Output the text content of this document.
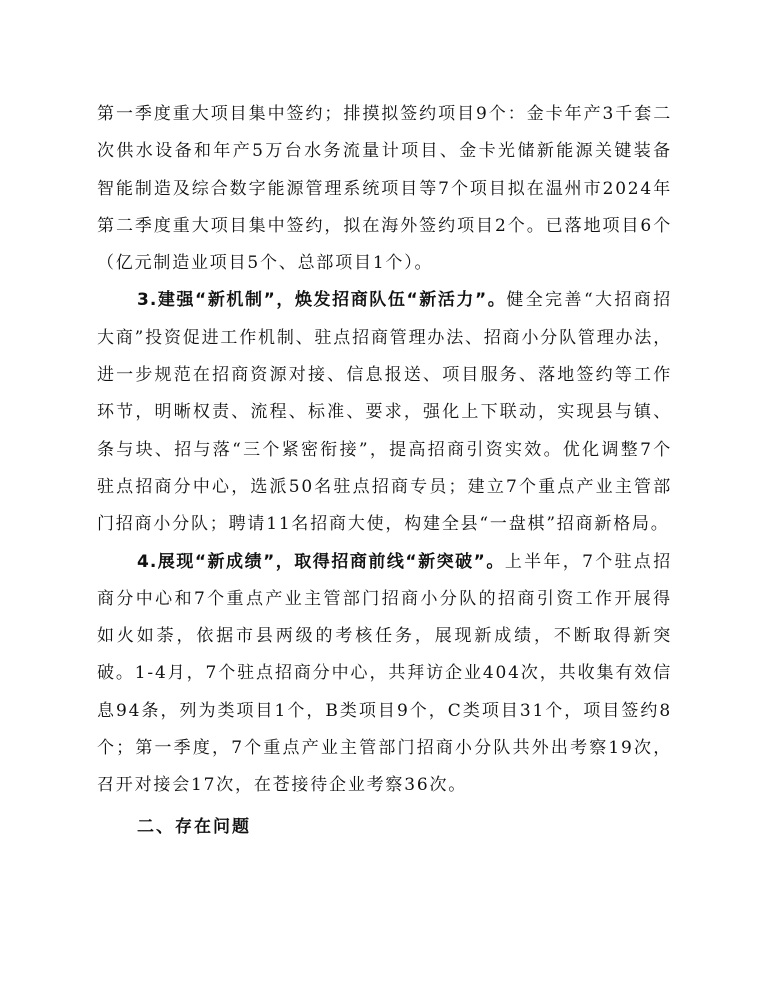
第一季度重大项目集中签约；排摸拟签约项目9个：金卡年产3千套二次供水设备和年产5万台水务流量计项目、金卡光储新能源关键装备智能制造及综合数字能源管理系统项目等7个项目拟在温州市2024年第二季度重大项目集中签约，拟在海外签约项目2个。已落地项目6个（亿元制造业项目5个、总部项目1个）。

3.建强“新机制”，焕发招商队伍“新活力”。健全完善“大招商招大商”投资促进工作机制、驻点招商管理办法、招商小分队管理办法，进一步规范在招商资源对接、信息报送、项目服务、落地签约等工作环节，明晰权责、流程、标准、要求，强化上下联动，实现县与镇、条与块、招与落“三个紧密衔接”，提高招商引资实效。优化调整7个驻点招商分中心，选派50名驻点招商专员；建立7个重点产业主管部门招商小分队；聘请11名招商大使，构建全县“一盘棋”招商新格局。

4.展现“新成绩”，取得招商前线“新突破”。上半年，7个驻点招商分中心和7个重点产业主管部门招商小分队的招商引资工作开展得如火如荼，依据市县两级的考核任务，展现新成绩，不断取得新突破。1-4月，7个驻点招商分中心，共拜访企业404次，共收集有效信息94条，列为类项目1个，B类项目9个，C类项目31个，项目签约8个；第一季度，7个重点产业主管部门招商小分队共外出考察19次，召开对接会17次，在苍接待企业考察36次。

二、存在问题
